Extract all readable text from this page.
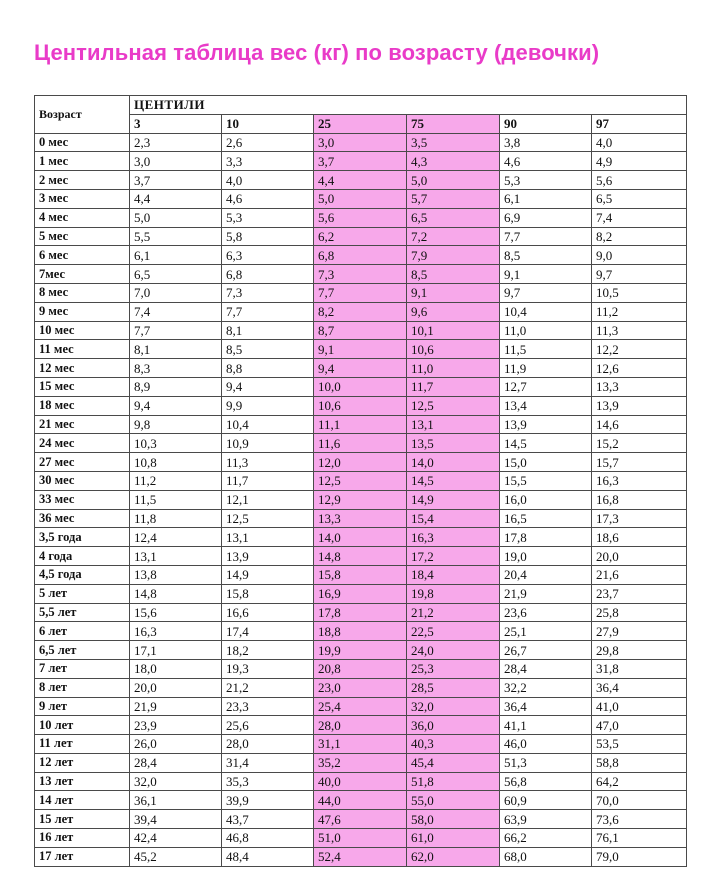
Центильная таблица вес (кг) по возрасту (девочки)
Возраст	ЦЕНТИЛИ					
	3	10	25	75	90	97
0 мес	2,3	2,6	3,0	3,5	3,8	4,0
1 мес	3,0	3,3	3,7	4,3	4,6	4,9
2 мес	3,7	4,0	4,4	5,0	5,3	5,6
3 мес	4,4	4,6	5,0	5,7	6,1	6,5
4 мес	5,0	5,3	5,6	6,5	6,9	7,4
5 мес	5,5	5,8	6,2	7,2	7,7	8,2
6 мес	6,1	6,3	6,8	7,9	8,5	9,0
7мес	6,5	6,8	7,3	8,5	9,1	9,7
8 мес	7,0	7,3	7,7	9,1	9,7	10,5
9 мес	7,4	7,7	8,2	9,6	10,4	11,2
10 мес	7,7	8,1	8,7	10,1	11,0	11,3
11 мес	8,1	8,5	9,1	10,6	11,5	12,2
12 мес	8,3	8,8	9,4	11,0	11,9	12,6
15 мес	8,9	9,4	10,0	11,7	12,7	13,3
18 мес	9,4	9,9	10,6	12,5	13,4	13,9
21 мес	9,8	10,4	11,1	13,1	13,9	14,6
24 мес	10,3	10,9	11,6	13,5	14,5	15,2
27 мес	10,8	11,3	12,0	14,0	15,0	15,7
30 мес	11,2	11,7	12,5	14,5	15,5	16,3
33 мес	11,5	12,1	12,9	14,9	16,0	16,8
36 мес	11,8	12,5	13,3	15,4	16,5	17,3
3,5 года	12,4	13,1	14,0	16,3	17,8	18,6
4 года	13,1	13,9	14,8	17,2	19,0	20,0
4,5 года	13,8	14,9	15,8	18,4	20,4	21,6
5 лет	14,8	15,8	16,9	19,8	21,9	23,7
5,5 лет	15,6	16,6	17,8	21,2	23,6	25,8
6 лет	16,3	17,4	18,8	22,5	25,1	27,9
6,5 лет	17,1	18,2	19,9	24,0	26,7	29,8
7 лет	18,0	19,3	20,8	25,3	28,4	31,8
8 лет	20,0	21,2	23,0	28,5	32,2	36,4
9 лет	21,9	23,3	25,4	32,0	36,4	41,0
10 лет	23,9	25,6	28,0	36,0	41,1	47,0
11 лет	26,0	28,0	31,1	40,3	46,0	53,5
12 лет	28,4	31,4	35,2	45,4	51,3	58,8
13 лет	32,0	35,3	40,0	51,8	56,8	64,2
14 лет	36,1	39,9	44,0	55,0	60,9	70,0
15 лет	39,4	43,7	47,6	58,0	63,9	73,6
16 лет	42,4	46,8	51,0	61,0	66,2	76,1
17 лет	45,2	48,4	52,4	62,0	68,0	79,0
